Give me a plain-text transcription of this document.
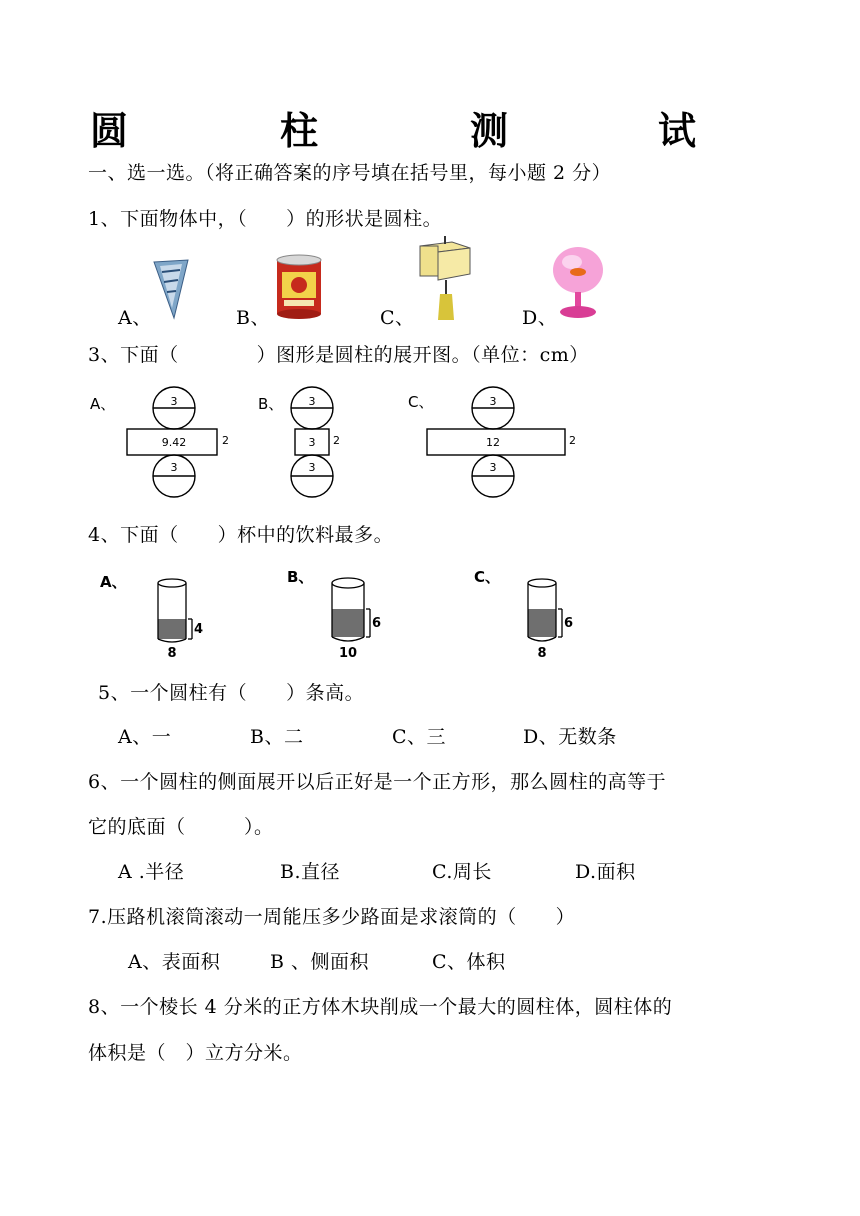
圆	柱	测	试
一、选一选。（将正确答案的序号填在括号里，每小题 2 分）
1、下面物体中，（　　）的形状是圆柱。
A、	B、	C、	D、
3、下面（　　　　）图形是圆柱的展开图。（单位：cm）
A、	B、	C、
3
9.42	2
3
3
3 2
3
3
12	2
3
4、下面（　　）杯中的饮料最多。
A、	B、	C、
4
8
6
10
6
8
5、一个圆柱有（　　）条高。
A、一	B、二	C、三	D、无数条
6、一个圆柱的侧面展开以后正好是一个正方形，那么圆柱的高等于
它的底面（　　　）。
A .半径	B.直径	C.周长	D.面积
7.压路机滚筒滚动一周能压多少路面是求滚筒的（　　）
A、表面积	B 、侧面积	C、体积
8、一个棱长 4 分米的正方体木块削成一个最大的圆柱体，圆柱体的
体积是（　）立方分米。
